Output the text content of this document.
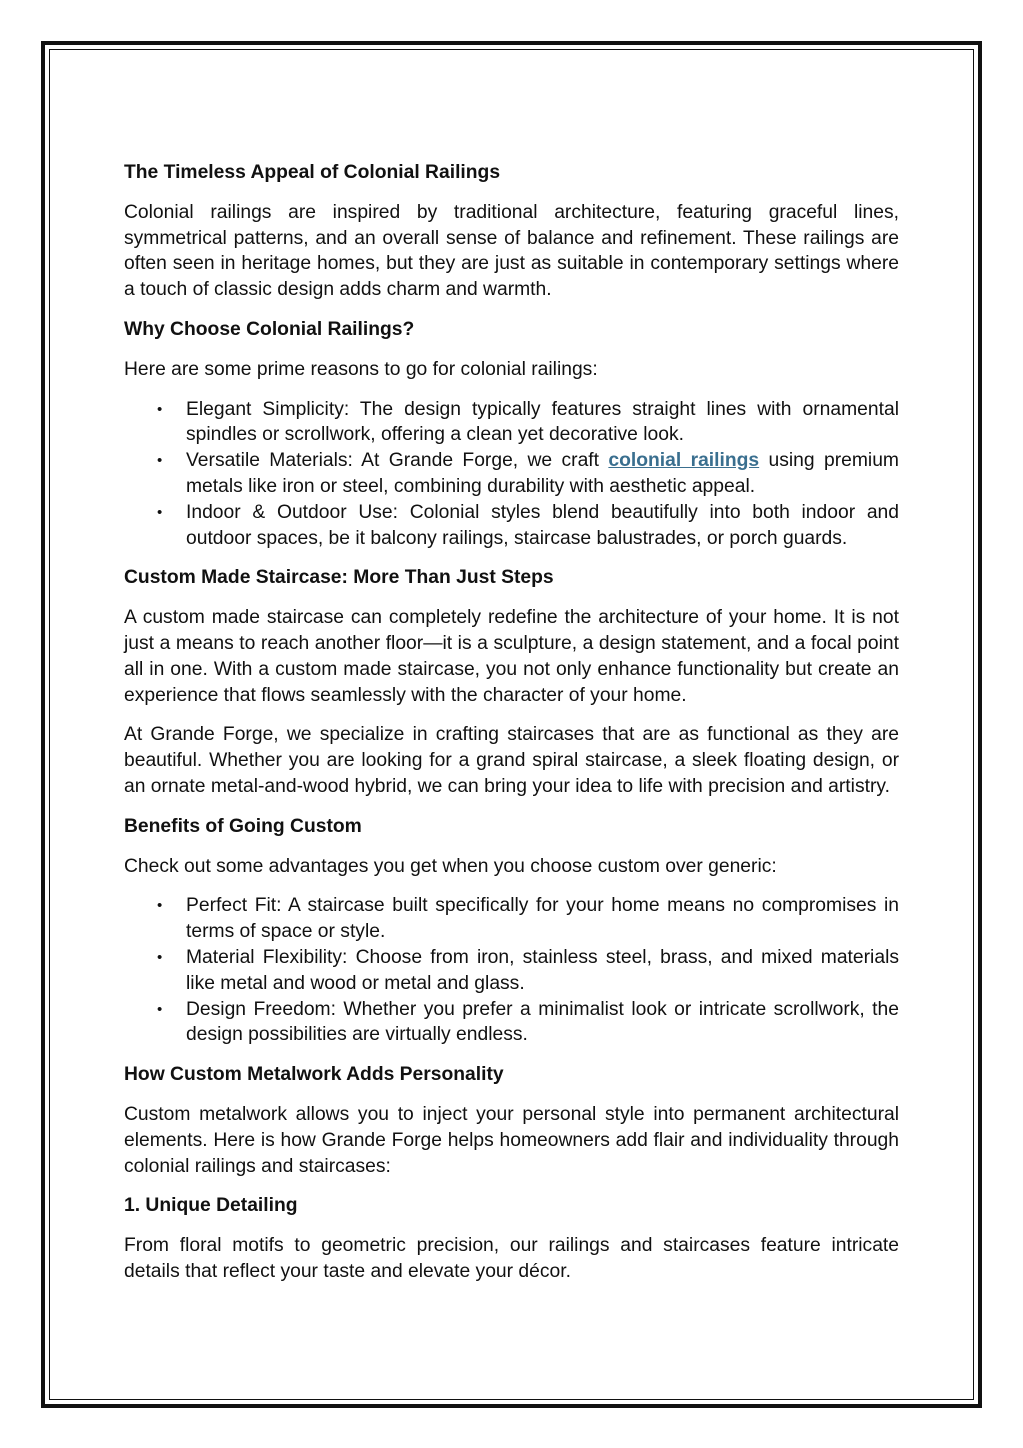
The Timeless Appeal of Colonial Railings

Colonial railings are inspired by traditional architecture, featuring graceful lines, symmetrical patterns, and an overall sense of balance and refinement. These railings are often seen in heritage homes, but they are just as suitable in contemporary settings where a touch of classic design adds charm and warmth.

Why Choose Colonial Railings?

Here are some prime reasons to go for colonial railings:

• Elegant Simplicity: The design typically features straight lines with ornamental spindles or scrollwork, offering a clean yet decorative look.
• Versatile Materials: At Grande Forge, we craft colonial railings using premium metals like iron or steel, combining durability with aesthetic appeal.
• Indoor & Outdoor Use: Colonial styles blend beautifully into both indoor and outdoor spaces, be it balcony railings, staircase balustrades, or porch guards.
Custom Made Staircase: More Than Just Steps

A custom made staircase can completely redefine the architecture of your home. It is not just a means to reach another floor—it is a sculpture, a design statement, and a focal point all in one. With a custom made staircase, you not only enhance functionality but create an experience that flows seamlessly with the character of your home.

At Grande Forge, we specialize in crafting staircases that are as functional as they are beautiful. Whether you are looking for a grand spiral staircase, a sleek floating design, or an ornate metal-and-wood hybrid, we can bring your idea to life with precision and artistry.

Benefits of Going Custom

Check out some advantages you get when you choose custom over generic:

• Perfect Fit: A staircase built specifically for your home means no compromises in terms of space or style.
• Material Flexibility: Choose from iron, stainless steel, brass, and mixed materials like metal and wood or metal and glass.
• Design Freedom: Whether you prefer a minimalist look or intricate scrollwork, the design possibilities are virtually endless.
How Custom Metalwork Adds Personality

Custom metalwork allows you to inject your personal style into permanent architectural elements. Here is how Grande Forge helps homeowners add flair and individuality through colonial railings and staircases:

1. Unique Detailing

From floral motifs to geometric precision, our railings and staircases feature intricate details that reflect your taste and elevate your décor.
